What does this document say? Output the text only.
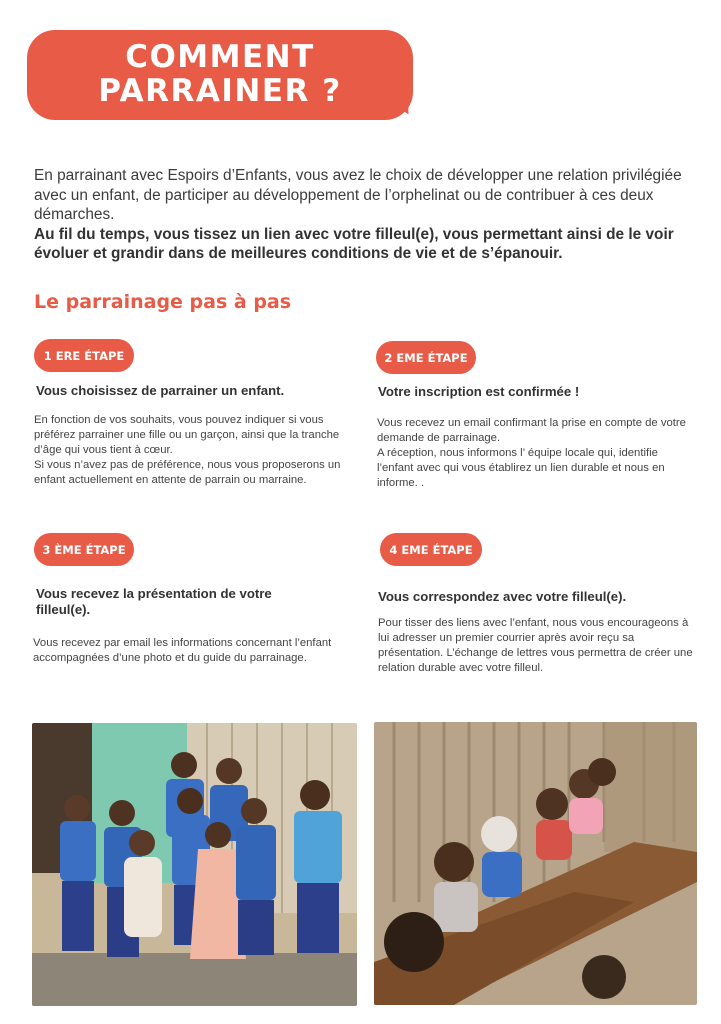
COMMENT
PARRAINER ?
En parrainant avec Espoirs d’Enfants, vous avez le choix de développer une relation privilégiée avec un enfant, de participer au développement de l’orphelinat ou de contribuer à ces deux démarches.
Au fil du temps, vous tissez un lien avec votre filleul(e), vous permettant ainsi de le voir évoluer et grandir dans de meilleures conditions de vie et de s’épanouir.
Le parrainage pas à pas
1 ERE ÉTAPE
Vous choisissez de parrainer un enfant.
En fonction de vos souhaits, vous pouvez indiquer si vous préférez parrainer une fille ou un garçon, ainsi que la tranche d’âge qui vous tient à cœur.
Si vous n’avez pas de préférence, nous vous proposerons un enfant actuellement en attente de parrain ou marraine.
2 EME ÉTAPE
Votre inscription est confirmée !
Vous recevez un email confirmant la prise en compte de votre demande de parrainage.
A réception, nous informons l’ équipe locale qui, identifie l’enfant avec qui vous établirez un lien durable et nous en informe. .
3 ÈME ÉTAPE
Vous recevez la présentation de votre filleul(e).
Vous recevez par email les informations concernant l’enfant accompagnées d’une photo et du guide du parrainage.
4 EME ÉTAPE
Vous correspondez avec votre filleul(e).
Pour tisser des liens avec l’enfant, nous vous encourageons à lui adresser un premier courrier après avoir reçu sa présentation. L’échange de lettres vous permettra de créer une relation durable avec votre filleul.
